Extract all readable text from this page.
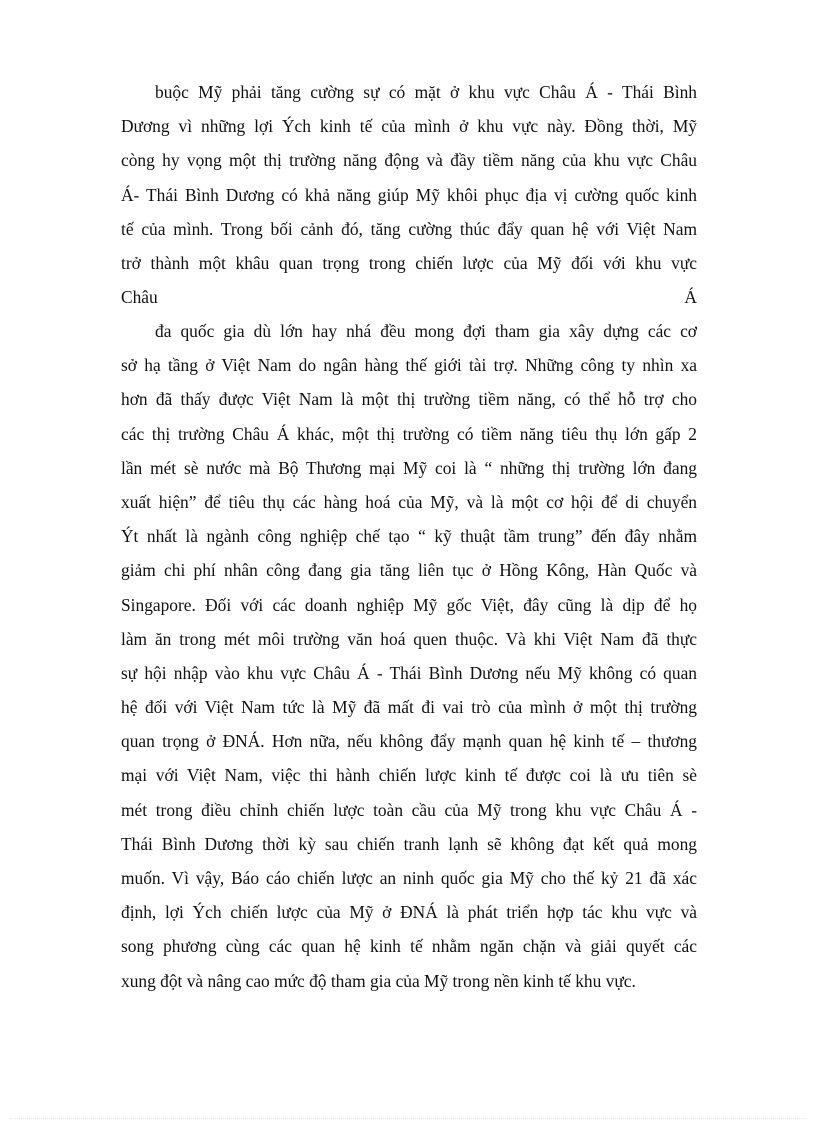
buộc Mỹ phải tăng cường sự có mặt ở khu vực Châu Á - Thái Bình
Dương vì những lợi Ých kinh tế của mình ở khu vực này. Đồng thời, Mỹ
còng hy vọng một thị trường năng động và đầy tiềm năng của khu vực Châu
Á- Thái Bình Dương có khả năng giúp Mỹ khôi phục địa vị cường quốc kinh
tế của mình. Trong bối cảnh đó, tăng cường thúc đẩy quan hệ với Việt Nam
trở thành một khâu quan trọng trong chiến lược của Mỹ đối với khu vực
Châu Á
đa quốc gia dù lớn hay nhá đều mong đợi tham gia xây dựng các cơ
sở hạ tầng ở Việt Nam do ngân hàng thế giới tài trợ. Những công ty nhìn xa
hơn đã thấy được Việt Nam là một thị trường tiềm năng, có thể hỗ trợ cho
các thị trường Châu Á khác, một thị trường có tiềm năng tiêu thụ lớn gấp 2
lần mét sè nước mà Bộ Thương mại Mỹ coi là “ những thị trường lớn đang
xuất hiện” để tiêu thụ các hàng hoá của Mỹ, và là một cơ hội để di chuyển
Ýt nhất là ngành công nghiệp chế tạo “ kỹ thuật tầm trung” đến đây nhằm
giảm chi phí nhân công đang gia tăng liên tục ở Hồng Kông, Hàn Quốc và
Singapore. Đối với các doanh nghiệp Mỹ gốc Việt, đây cũng là dịp để họ
làm ăn trong mét môi trường văn hoá quen thuộc. Và khi Việt Nam đã thực
sự hội nhập vào khu vực Châu Á - Thái Bình Dương nếu Mỹ không có quan
hệ đối với Việt Nam tức là Mỹ đã mất đi vai trò của mình ở một thị trường
quan trọng ở ĐNÁ. Hơn nữa, nếu không đẩy mạnh quan hệ kinh tế – thương
mại với Việt Nam, việc thi hành chiến lược kinh tế được coi là ưu tiên sè
mét trong điều chỉnh chiến lược toàn cầu của Mỹ trong khu vực Châu Á -
Thái Bình Dương thời kỳ sau chiến tranh lạnh sẽ không đạt kết quả mong
muốn. Vì vậy, Báo cáo chiến lược an ninh quốc gia Mỹ cho thế kỷ 21 đã xác
định, lợi Ých chiến lược của Mỹ ở ĐNÁ là phát triển hợp tác khu vực và
song phương cùng các quan hệ kinh tế nhằm ngăn chặn và giải quyết các
xung đột và nâng cao mức độ tham gia của Mỹ trong nền kinh tế khu vực.
